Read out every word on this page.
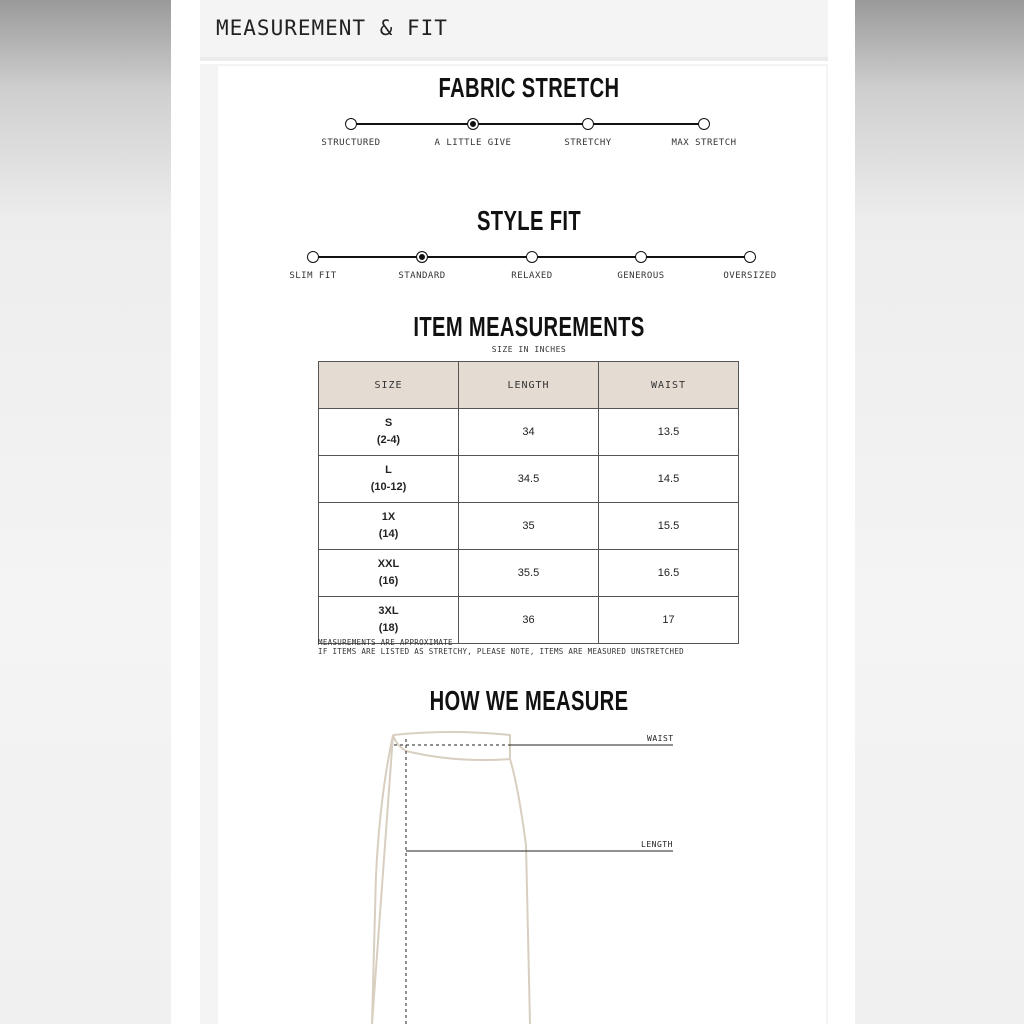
MEASUREMENT & FIT
FABRIC STRETCH
STRUCTURED	A LITTLE GIVE	STRETCHY	MAX STRETCH
STYLE FIT
SLIM FIT	STANDARD	RELAXED	GENEROUS	OVERSIZED
ITEM MEASUREMENTS
SIZE IN INCHES
SIZE	LENGTH	WAIST

S
(2-4)	34	13.5

L
(10-12)	34.5	14.5

1X
(14)	35	15.5

XXL
(16)	35.5	16.5

3XL
(18)	36	17
MEASUREMENTS ARE APPROXIMATE
IF ITEMS ARE LISTED AS STRETCHY, PLEASE NOTE, ITEMS ARE MEASURED UNSTRETCHED
HOW WE MEASURE
WAIST
LENGTH
